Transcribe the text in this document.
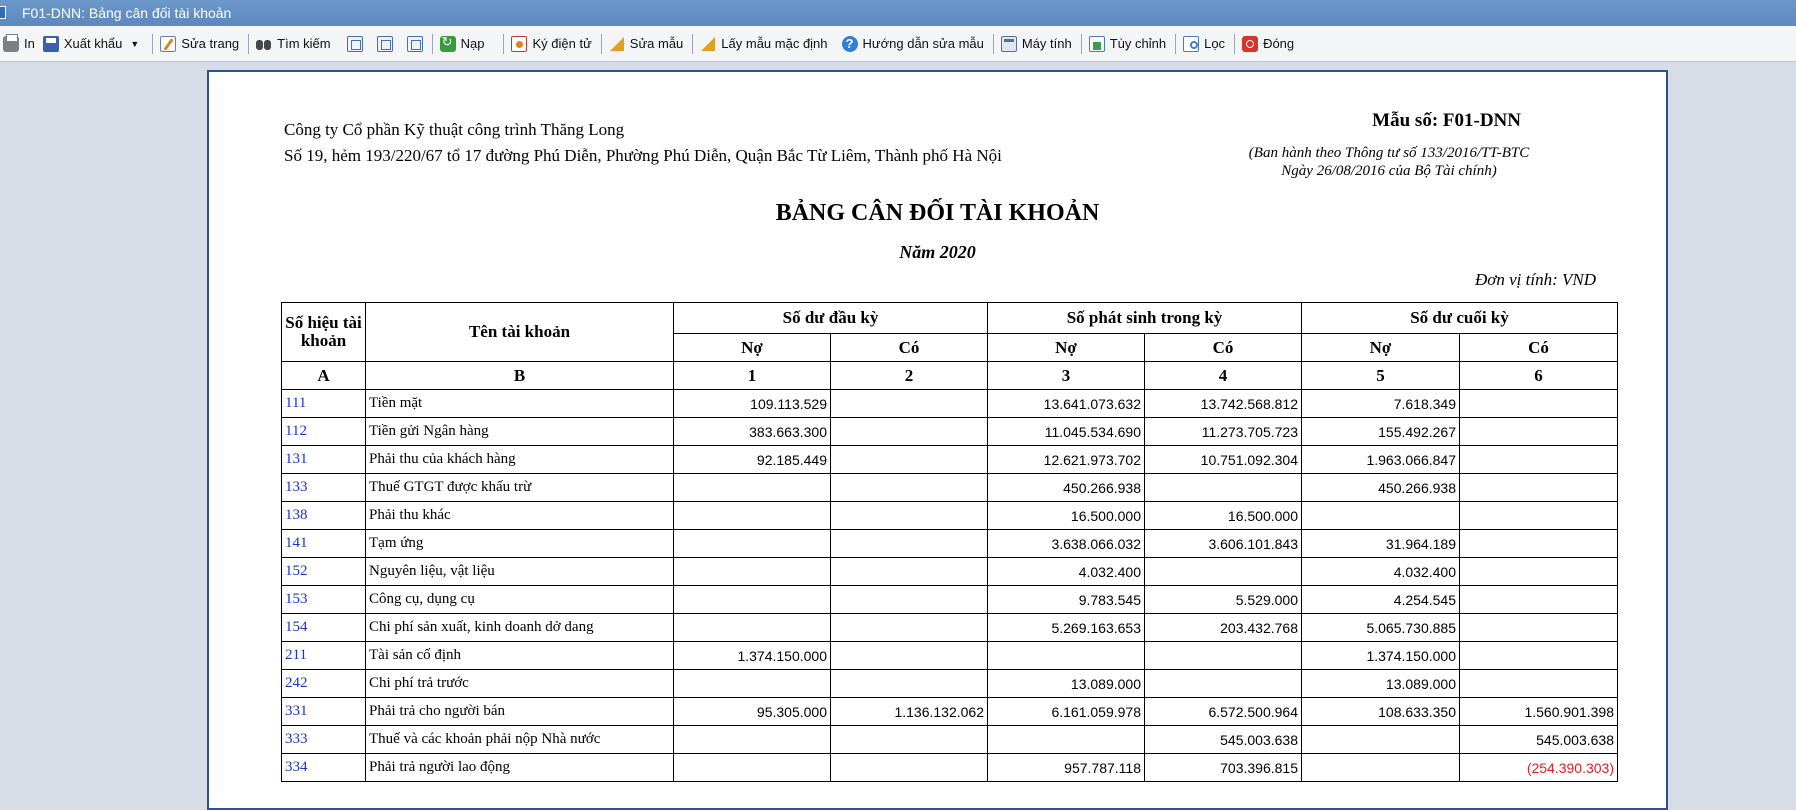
F01-DNN: Bảng cân đối tài khoản
In Xuất khẩu ▼	Sửa trang	Tìm kiếm ↻	Nạp	Ký điện tử	Sửa mẫu	Lấy mẫu mặc định ?	Hướng dẫn sửa mẫu	Máy tính	Tùy chỉnh	Lọc	Đóng
Công ty Cổ phần Kỹ thuật công trình Thăng Long
Số 19, hẻm 193/220/67 tổ 17 đường Phú Diễn, Phường Phú Diễn, Quận Bắc Từ Liêm, Thành phố Hà Nội
Mẫu số: F01-DNN
(Ban hành theo Thông tư số 133/2016/TT-BTC
Ngày 26/08/2016 của Bộ Tài chính)
BẢNG CÂN ĐỐI TÀI KHOẢN
Năm 2020
Đơn vị tính: VND
Số hiệu tài khoản	Tên tài khoản	Số dư đầu kỳ		Số phát sinh trong kỳ		Số dư cuối kỳ	
		Nợ	Có	Nợ	Có	Nợ	Có
A	B	1	2	3	4	5	6
111	Tiền mặt	109.113.529		13.641.073.632	13.742.568.812	7.618.349	
112	Tiền gửi Ngân hàng	383.663.300		11.045.534.690	11.273.705.723	155.492.267	
131	Phải thu của khách hàng	92.185.449		12.621.973.702	10.751.092.304	1.963.066.847	
133	Thuế GTGT được khấu trừ			450.266.938		450.266.938	
138	Phải thu khác			16.500.000	16.500.000		
141	Tạm ứng			3.638.066.032	3.606.101.843	31.964.189	
152	Nguyên liệu, vật liệu			4.032.400		4.032.400	
153	Công cụ, dụng cụ			9.783.545	5.529.000	4.254.545	
154	Chi phí sản xuất, kinh doanh dở dang			5.269.163.653	203.432.768	5.065.730.885	
211	Tài sản cố định	1.374.150.000				1.374.150.000	
242	Chi phí trả trước			13.089.000		13.089.000	
331	Phải trả cho người bán	95.305.000	1.136.132.062	6.161.059.978	6.572.500.964	108.633.350	1.560.901.398
333	Thuế và các khoản phải nộp Nhà nước				545.003.638		545.003.638
334	Phải trả người lao động			957.787.118	703.396.815		(254.390.303)
